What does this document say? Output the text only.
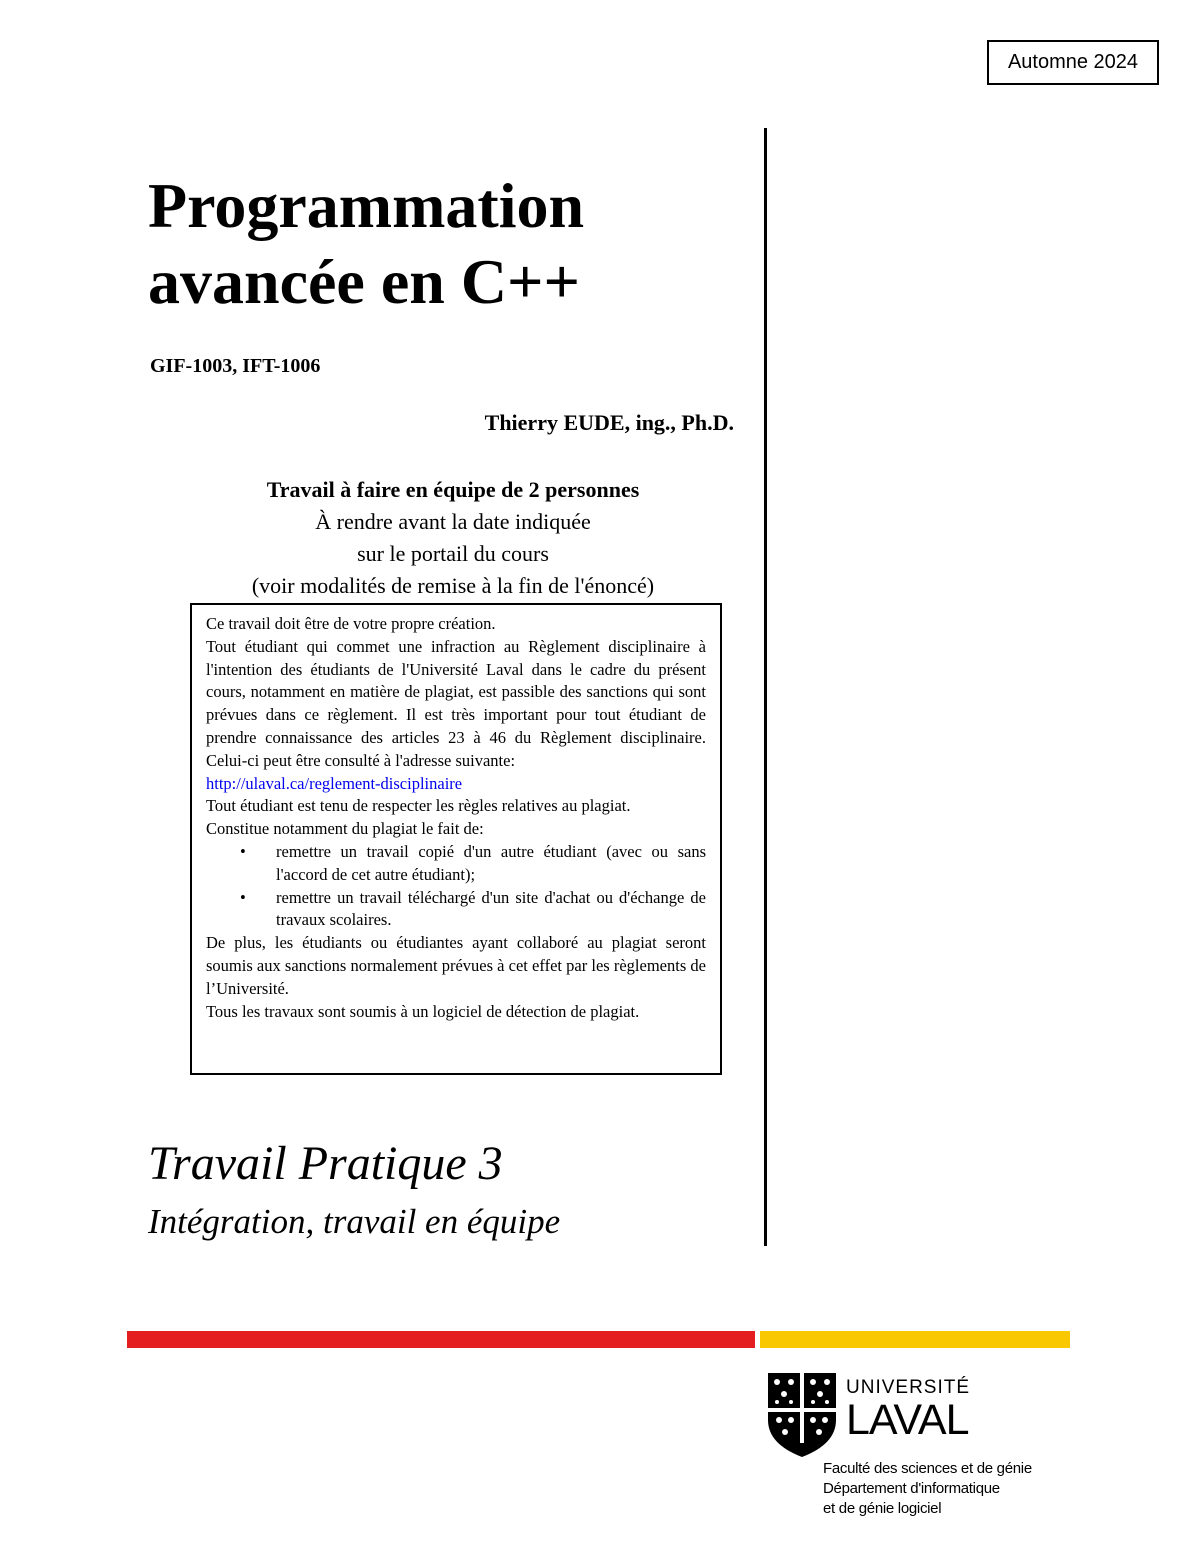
Automne 2024
Programmation
avancée en C++
GIF-1003, IFT-1006
Thierry EUDE, ing., Ph.D.
Travail à faire en équipe de 2 personnes
À rendre avant la date indiquée
sur le portail du cours
(voir modalités de remise à la fin de l'énoncé)

Ce travail doit être de votre propre création.

Tout étudiant qui commet une infraction au Règlement disciplinaire à l'intention des étudiants de l'Université Laval dans le cadre du présent cours, notamment en matière de plagiat, est passible des sanctions qui sont prévues dans ce règlement. Il est très important pour tout étudiant de prendre connaissance des articles 23 à 46 du Règlement disciplinaire. Celui-ci peut être consulté à l'adresse suivante:

http://ulaval.ca/reglement-disciplinaire

Tout étudiant est tenu de respecter les règles relatives au plagiat.

Constitue notamment du plagiat le fait de:

• remettre un travail copié d'un autre étudiant (avec ou sans l'accord de cet autre étudiant);
• remettre un travail téléchargé d'un site d'achat ou d'échange de travaux scolaires.

De plus, les étudiants ou étudiantes ayant collaboré au plagiat seront soumis aux sanctions normalement prévues à cet effet par les règlements de l’Université.

Tous les travaux sont soumis à un logiciel de détection de plagiat.

Travail Pratique 3
Intégration, travail en équipe
UNIVERSITÉ
LAVAL
Faculté des sciences et de génie
Département d'informatique
et de génie logiciel
